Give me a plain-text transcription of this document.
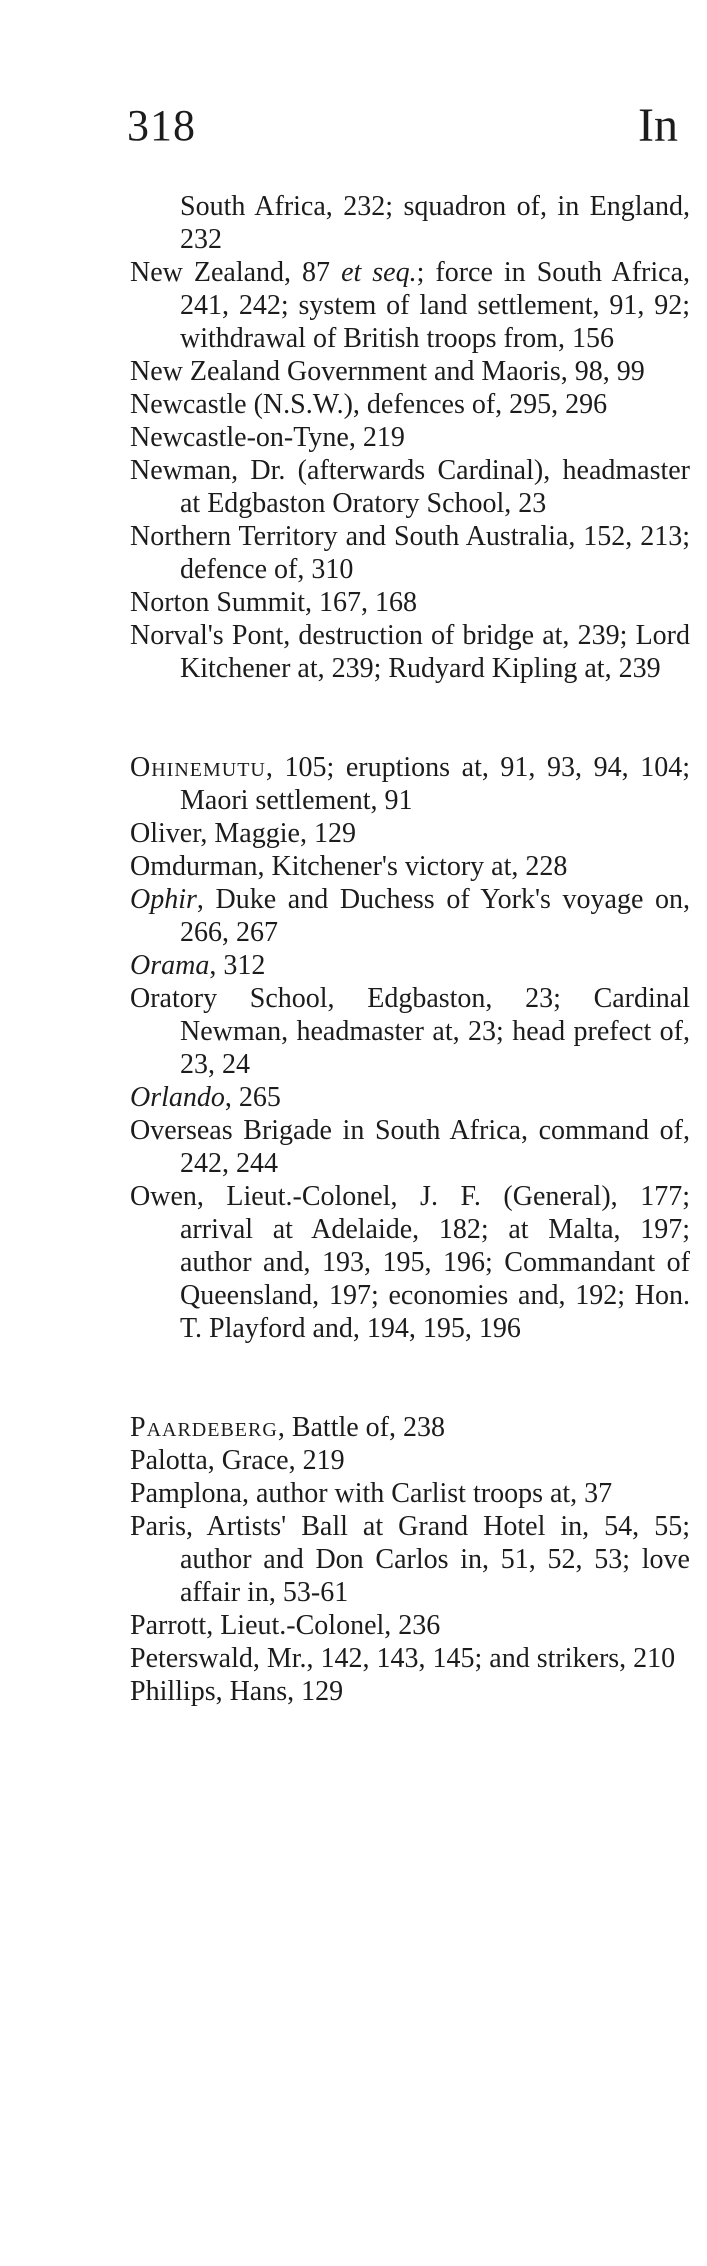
318	In

South Africa, 232; squadron of, in England, 232

New Zealand, 87 et seq.; force in South Africa, 241, 242; system of land settlement, 91, 92; withdrawal of British troops from, 156

New Zealand Government and Maoris, 98, 99

Newcastle (N.S.W.), defences of, 295, 296

Newcastle-on-Tyne, 219

Newman, Dr. (afterwards Cardinal), headmaster at Edgbaston Oratory School, 23

Northern Territory and South Australia, 152, 213; defence of, 310

Norton Summit, 167, 168

Norval's Pont, destruction of bridge at, 239; Lord Kitchener at, 239; Rudyard Kipling at, 239

Ohinemutu, 105; eruptions at, 91, 93, 94, 104; Maori settlement, 91

Oliver, Maggie, 129

Omdurman, Kitchener's victory at, 228

Ophir, Duke and Duchess of York's voyage on, 266, 267

Orama, 312

Oratory School, Edgbaston, 23; Cardinal Newman, headmaster at, 23; head prefect of, 23, 24

Orlando, 265

Overseas Brigade in South Africa, command of, 242, 244

Owen, Lieut.-Colonel, J. F. (General), 177; arrival at Adelaide, 182; at Malta, 197; author and, 193, 195, 196; Commandant of Queensland, 197; economies and, 192; Hon. T. Playford and, 194, 195, 196

Paardeberg, Battle of, 238

Palotta, Grace, 219

Pamplona, author with Carlist troops at, 37

Paris, Artists' Ball at Grand Hotel in, 54, 55; author and Don Carlos in, 51, 52, 53; love affair in, 53-61

Parrott, Lieut.-Colonel, 236

Peterswald, Mr., 142, 143, 145; and strikers, 210

Phillips, Hans, 129
